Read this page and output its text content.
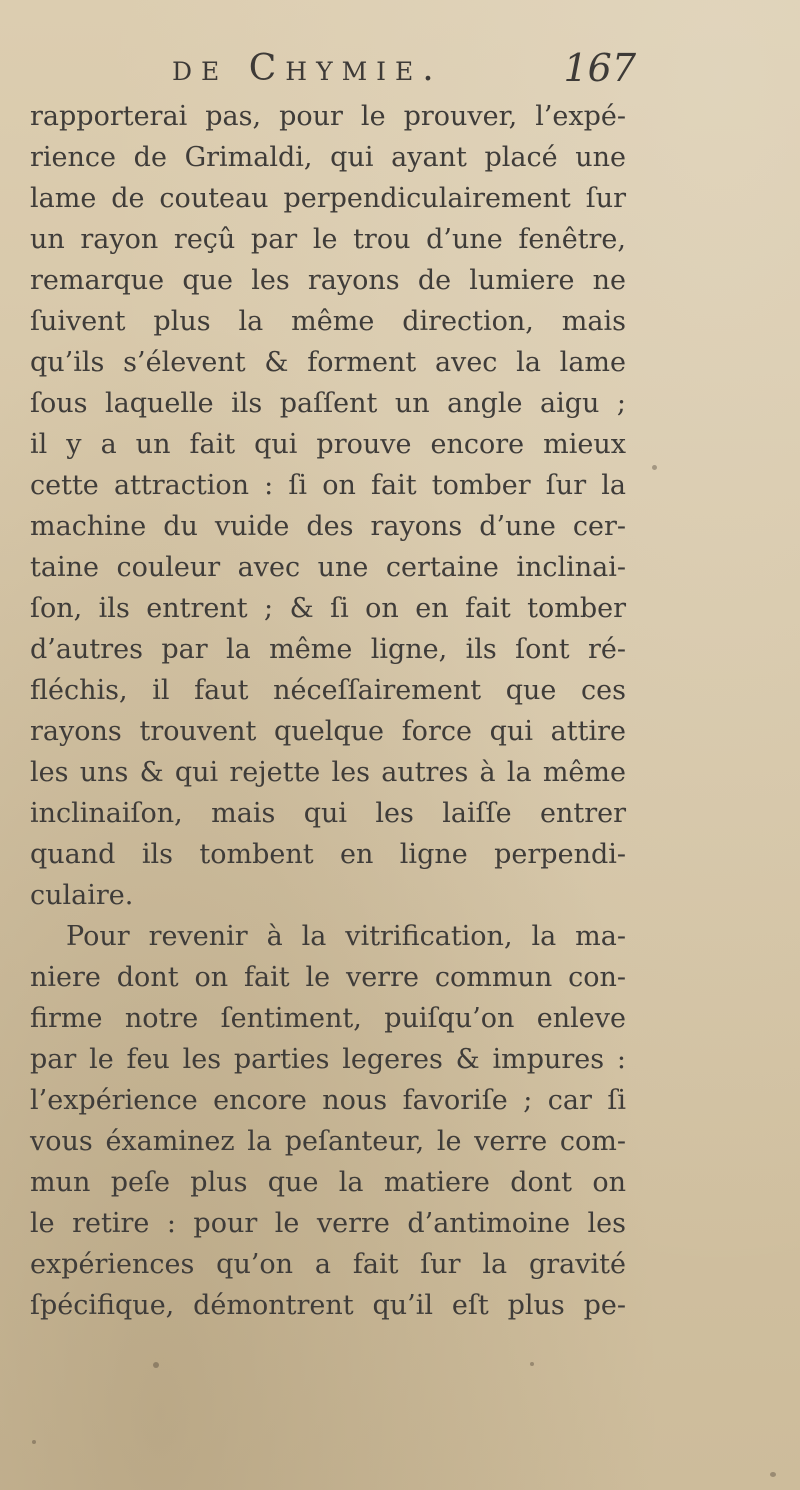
de Chymie.	167
rapporterai pas, pour le prouver, l’expé-
rience de Grimaldi, qui ayant placé une
lame de couteau perpendiculairement ſur
un rayon reçû par le trou d’une fenêtre,
remarque que les rayons de lumiere ne
ſuivent plus la même direction, mais
qu’ils s’élevent & forment avec la lame
ſous laquelle ils paſſent un angle aigu ;
il y a un fait qui prouve encore mieux
cette attraction : ſi on fait tomber ſur la
machine du vuide des rayons d’une cer-
taine couleur avec une certaine inclinai-
ſon, ils entrent ; & ſi on en fait tomber
d’autres par la même ligne, ils ſont ré-
fléchis, il faut néceſſairement que ces
rayons trouvent quelque force qui attire
les uns & qui rejette les autres à la même
inclinaiſon, mais qui les laiſſe entrer
quand ils tombent en ligne perpendi-
culaire.
Pour revenir à la vitrification, la ma-
niere dont on fait le verre commun con-
firme notre ſentiment, puiſqu’on enleve
par le feu les parties legeres & impures :
l’expérience encore nous favoriſe ; car ſi
vous éxaminez la peſanteur, le verre com-
mun peſe plus que la matiere dont on
le retire : pour le verre d’antimoine les
expériences qu’on a fait ſur la gravité
ſpécifique, démontrent qu’il eſt plus pe-
